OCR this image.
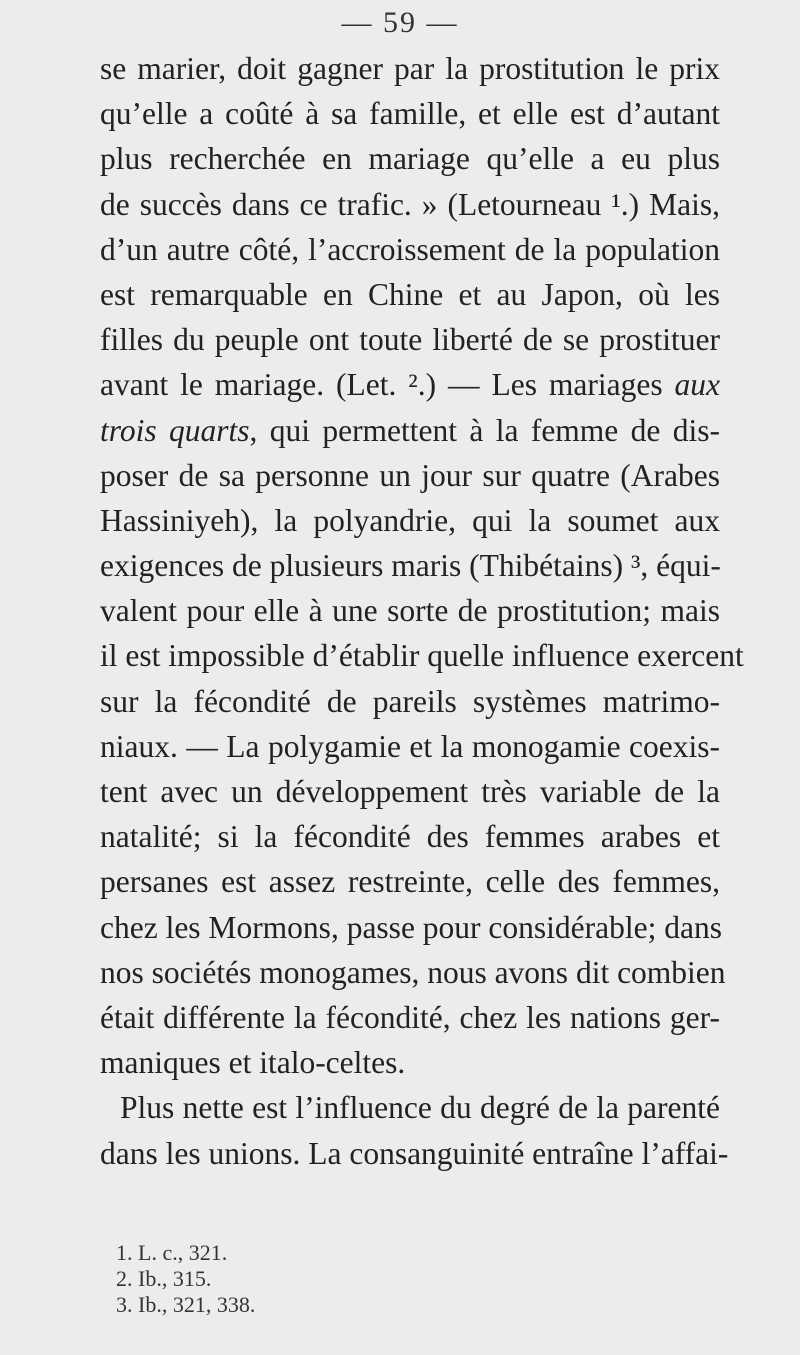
— 59 —
se marier, doit gagner par la prostitution le prix
qu’elle a coûté à sa famille, et elle est d’autant
plus recherchée en mariage qu’elle a eu plus
de succès dans ce trafic. » (Letourneau ¹.) Mais,
d’un autre côté, l’accroissement de la population
est remarquable en Chine et au Japon, où les
filles du peuple ont toute liberté de se prostituer
avant le mariage. (Let. ².) — Les mariages aux
trois quarts, qui permettent à la femme de dis-
poser de sa personne un jour sur quatre (Arabes
Hassiniyeh), la polyandrie, qui la soumet aux
exigences de plusieurs maris (Thibétains) ³, équi-
valent pour elle à une sorte de prostitution; mais
il est impossible d’établir quelle influence exercent
sur la fécondité de pareils systèmes matrimo-
niaux. — La polygamie et la monogamie coexis-
tent avec un développement très variable de la
natalité; si la fécondité des femmes arabes et
persanes est assez restreinte, celle des femmes,
chez les Mormons, passe pour considérable; dans
nos sociétés monogames, nous avons dit combien
était différente la fécondité, chez les nations ger-
maniques et italo-celtes.
Plus nette est l’influence du degré de la parenté
dans les unions. La consanguinité entraîne l’affai-
1. L. c., 321.
2. Ib., 315.
3. Ib., 321, 338.
